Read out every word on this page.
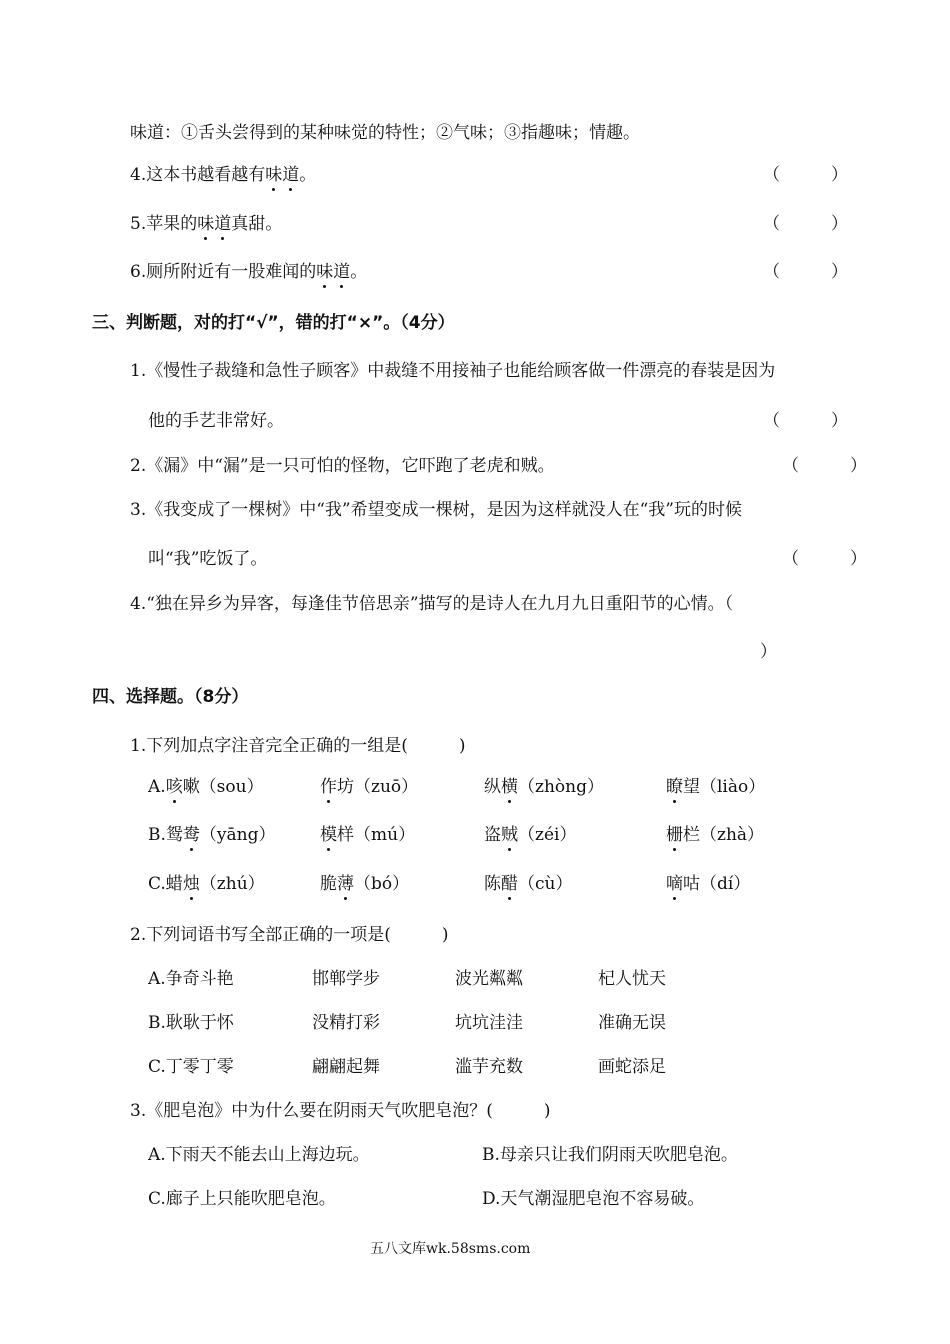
味道：①舌头尝得到的某种味觉的特性；②气味；③指趣味；情趣。
4.这本书越看越有味道。	（　　　）
5.苹果的味道真甜。	（　　　）
6.厕所附近有一股难闻的味道。	（　　　）
三、判断题，对的打“√”，错的打“×”。（4分）
1.《慢性子裁缝和急性子顾客》中裁缝不用接袖子也能给顾客做一件漂亮的春装是因为
他的手艺非常好。	（　　　）
2.《漏》中“漏”是一只可怕的怪物，它吓跑了老虎和贼。	（　　　）
3.《我变成了一棵树》中“我”希望变成一棵树，是因为这样就没人在“我”玩的时候
叫“我”吃饭了。	（　　　）
4.“独在异乡为异客，每逢佳节倍思亲”描写的是诗人在九月九日重阳节的心情。（
）
四、选择题。（8分）
1.下列加点字注音完全正确的一组是(　　　)
A.咳嗽（sou）	作坊（zuō）	纵横（zhòng）	瞭望（liào）
B.鸳鸯（yāng）	模样（mú）	盗贼（zéi）	栅栏（zhà）
C.蜡烛（zhú）	脆薄（bó）	陈醋（cù）	嘀咕（dí）
2.下列词语书写全部正确的一项是(　　　)
A.争奇斗艳	邯郸学步	波光粼粼	杞人忧天
B.耿耿于怀	没精打彩	坑坑洼洼	准确无误
C.丁零丁零	翩翩起舞	滥芋充数	画蛇添足
3.《肥皂泡》中为什么要在阴雨天气吹肥皂泡？(　　　)
A.下雨天不能去山上海边玩。	B.母亲只让我们阴雨天吹肥皂泡。
C.廊子上只能吹肥皂泡。	D.天气潮湿肥皂泡不容易破。
五八文库wk.58sms.com
